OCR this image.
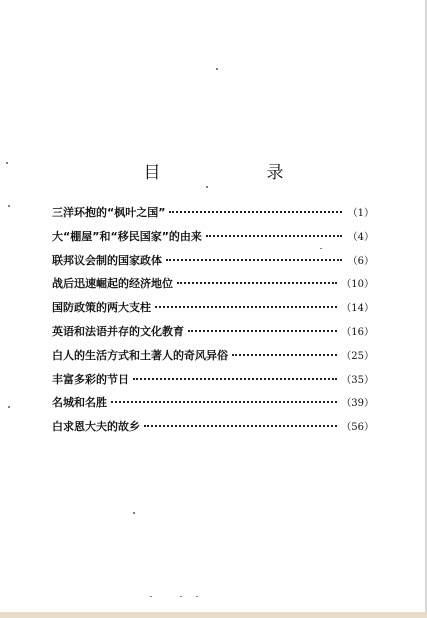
目　　录
三洋环抱的“枫叶之国”	（1）
大“棚屋”和“移民国家”的由来	（4）
联邦议会制的国家政体	（6）
战后迅速崛起的经济地位	（10）
国防政策的两大支柱	（14）
英语和法语并存的文化教育	（16）
白人的生活方式和土著人的奇风异俗	（25）
丰富多彩的节日	（35）
名城和名胜	（39）
白求恩大夫的故乡	（56）
